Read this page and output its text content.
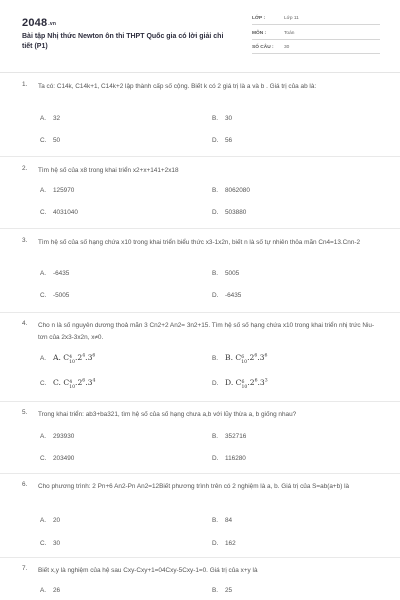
$2048^{.vn}$
Bài tập Nhị thức Newton ôn thi THPT Quốc gia có lời giải chi tiết (P1)
LỚP :	Lớp 11
MÔN :	Toán
SỐ CÂU : 30
1. Ta có: C14k, C14k+1, C14k+2 lập thành cấp số cộng. Biết k có 2 giá trị là a và b . Giá trị của ab là:
A. 32	B. 30
C. 50	D. 56
2. Tìm hệ số của x8 trong khai triển x2+x+141+2x18
A. 125970	B. 8062080
C. 4031040	D. 503880
3. Tìm hệ số của số hạng chứa x10 trong khai triển biểu thức x3-1x2n, biết n là số tự nhiên thỏa mãn Cn4=13.Cnn-2
A. -6435	B. 5005
C. -5005	D. -6435
4. Cho n là số nguyên dương thoả mãn 3 Cn2+2 An2= 3n2+15. Tìm hệ số số hạng chứa x10 trong khai triển nhị trức Niu- tơn của 2x3-3x2n, x≠0.
A. A. C 4
10
$.2^4.3^6$	B. B. C 6
10
$.2^6.3^6$
C. C. C 4
10
$.2^6.3^4$	D. D. C 6
10
$.2^6.3^3$
5. Trong khai triển: ab3+ba321, tìm hệ số của số hạng chưa a,b với lũy thừa a, b giống nhau?
A. 293930	B. 352716
C. 203490	D. 116280
6. Cho phương trình: 2 Pn+6 An2-Pn An2=12Biết phương trình trên có 2 nghiệm là a, b. Giá trị của S=ab(a+b) là
A. 20	B. 84
C. 30	D. 162
7. Biết x,y là nghiệm của hệ sau Cxy-Cxy+1=04Cxy-5Cxy-1=0. Giá trị của x+y là
A. 26	B. 25
